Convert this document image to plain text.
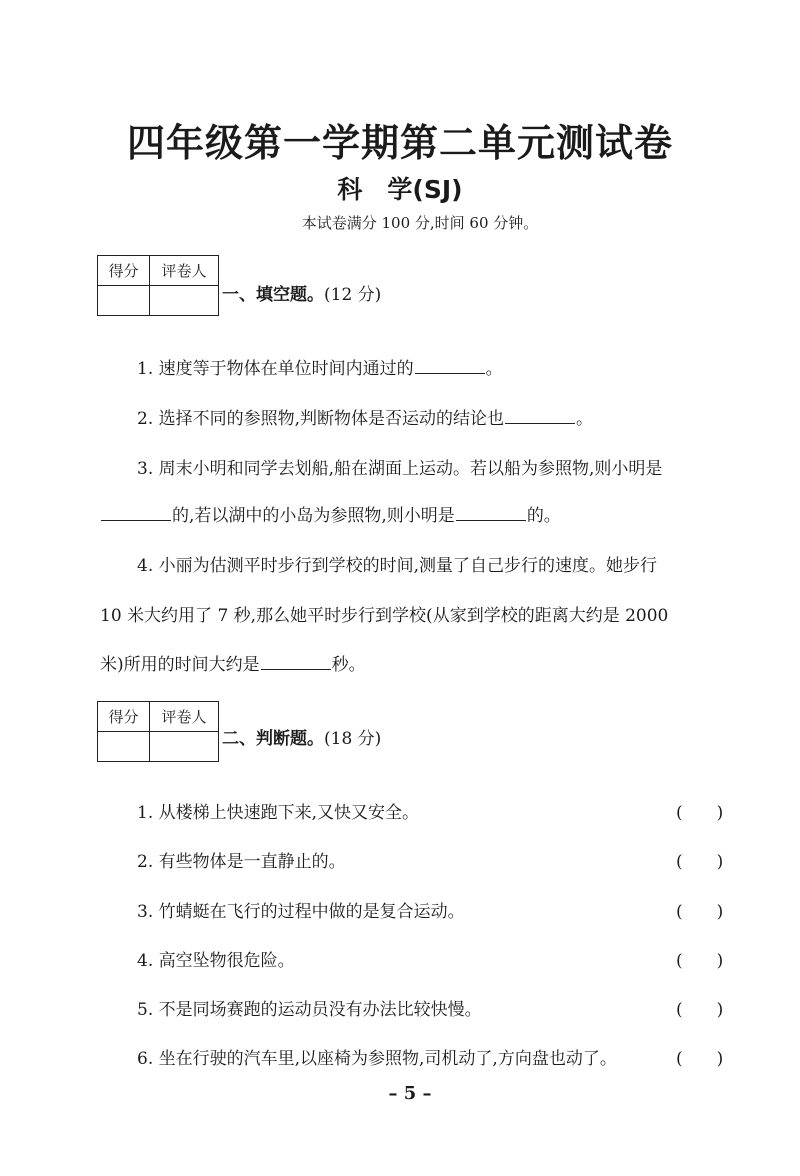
四年级第一学期第二单元测试卷
科　学(SJ)
本试卷满分 100 分,时间 60 分钟。
得分	评卷人

一、填空题。(12 分)
1. 速度等于物体在单位时间内通过的	。
2. 选择不同的参照物,判断物体是否运动的结论也	。
3. 周末小明和同学去划船,船在湖面上运动。若以船为参照物,则小明是
的,若以湖中的小岛为参照物,则小明是	的。
4. 小丽为估测平时步行到学校的时间,测量了自己步行的速度。她步行
10 米大约用了 7 秒,那么她平时步行到学校(从家到学校的距离大约是 2000
米)所用的时间大约是	秒。
得分	评卷人

二、判断题。(18 分)
1. 从楼梯上快速跑下来,又快又安全。	(　　)
2. 有些物体是一直静止的。	(　　)
3. 竹蜻蜓在飞行的过程中做的是复合运动。	(　　)
4. 高空坠物很危险。	(　　)
5. 不是同场赛跑的运动员没有办法比较快慢。	(　　)
6. 坐在行驶的汽车里,以座椅为参照物,司机动了,方向盘也动了。	(　　)
– 5 –
